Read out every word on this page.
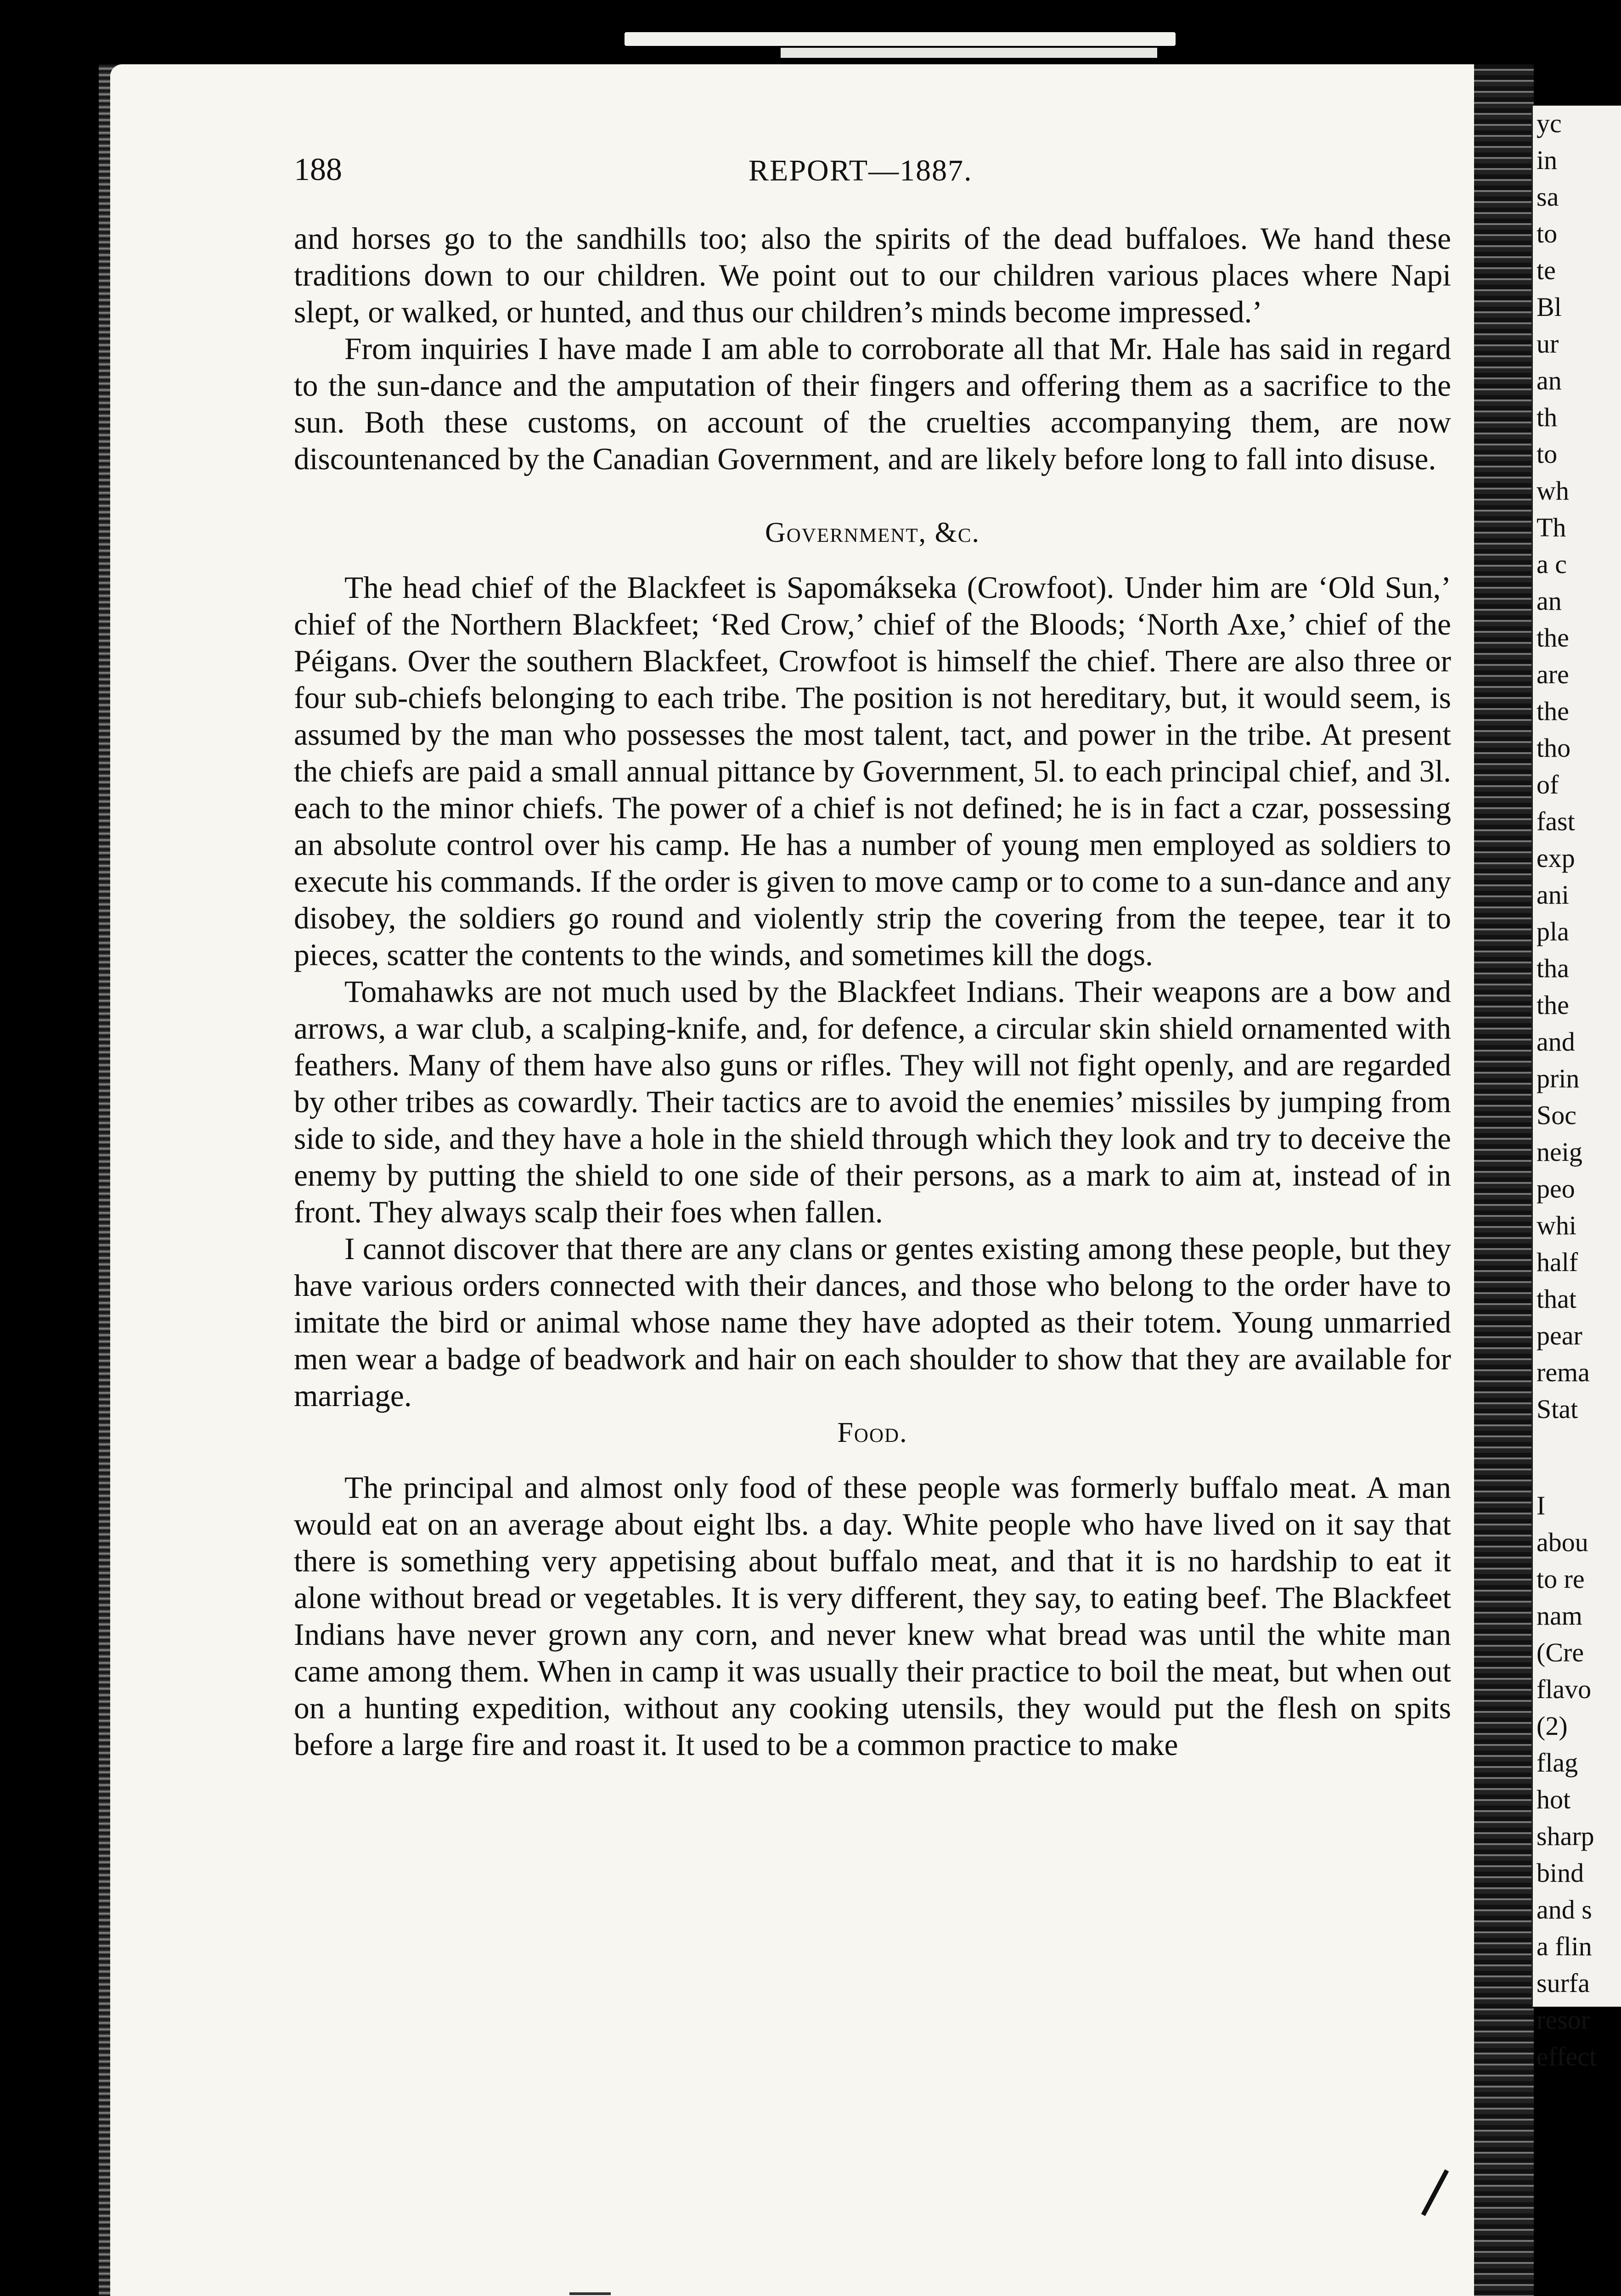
yc
in
sa
to
te
Bl
ur
an
th
to
wh
Th
a c
an
the
are
the
tho
of
fast
exp
ani
pla
tha
the
and
prin
Soc
neig
peo
whi
half
that
pear
rema
Stat
I
abou
to re
nam
(Cre
flavo
(2)
flag
hot
sharp
bind
and s
a flin
surfa
resor
effect
188	REPORT—1887.

and horses go to the sandhills too; also the spirits of the dead buffaloes. We hand these traditions down to our children. We point out to our children various places where Napi slept, or walked, or hunted, and thus our children’s minds become impressed.’

From inquiries I have made I am able to corroborate all that Mr. Hale has said in regard to the sun-dance and the amputation of their fingers and offering them as a sacrifice to the sun. Both these customs, on account of the cruelties accompanying them, are now discountenanced by the Canadian Government, and are likely before long to fall into disuse.

Government, &c.

The head chief of the Blackfeet is Sapomákseka (Crowfoot). Under him are ‘Old Sun,’ chief of the Northern Blackfeet; ‘Red Crow,’ chief of the Bloods; ‘North Axe,’ chief of the Péigans. Over the southern Blackfeet, Crowfoot is himself the chief. There are also three or four sub-chiefs belonging to each tribe. The position is not hereditary, but, it would seem, is assumed by the man who possesses the most talent, tact, and power in the tribe. At present the chiefs are paid a small annual pittance by Government, 5l. to each principal chief, and 3l. each to the minor chiefs. The power of a chief is not defined; he is in fact a czar, possessing an absolute control over his camp. He has a number of young men employed as soldiers to execute his commands. If the order is given to move camp or to come to a sun-dance and any disobey, the soldiers go round and violently strip the covering from the teepee, tear it to pieces, scatter the contents to the winds, and sometimes kill the dogs.

Tomahawks are not much used by the Blackfeet Indians. Their weapons are a bow and arrows, a war club, a scalping-knife, and, for defence, a circular skin shield ornamented with feathers. Many of them have also guns or rifles. They will not fight openly, and are regarded by other tribes as cowardly. Their tactics are to avoid the enemies’ missiles by jumping from side to side, and they have a hole in the shield through which they look and try to deceive the enemy by putting the shield to one side of their persons, as a mark to aim at, instead of in front. They always scalp their foes when fallen.

I cannot discover that there are any clans or gentes existing among these people, but they have various orders connected with their dances, and those who belong to the order have to imitate the bird or animal whose name they have adopted as their totem. Young unmarried men wear a badge of beadwork and hair on each shoulder to show that they are available for marriage.

Food.

The principal and almost only food of these people was formerly buffalo meat. A man would eat on an average about eight lbs. a day. White people who have lived on it say that there is something very appetising about buffalo meat, and that it is no hardship to eat it alone without bread or vegetables. It is very different, they say, to eating beef. The Blackfeet Indians have never grown any corn, and never knew what bread was until the white man came among them. When in camp it was usually their practice to boil the meat, but when out on a hunting expedition, without any cooking utensils, they would put the flesh on spits before a large fire and roast it. It used to be a common practice to make
